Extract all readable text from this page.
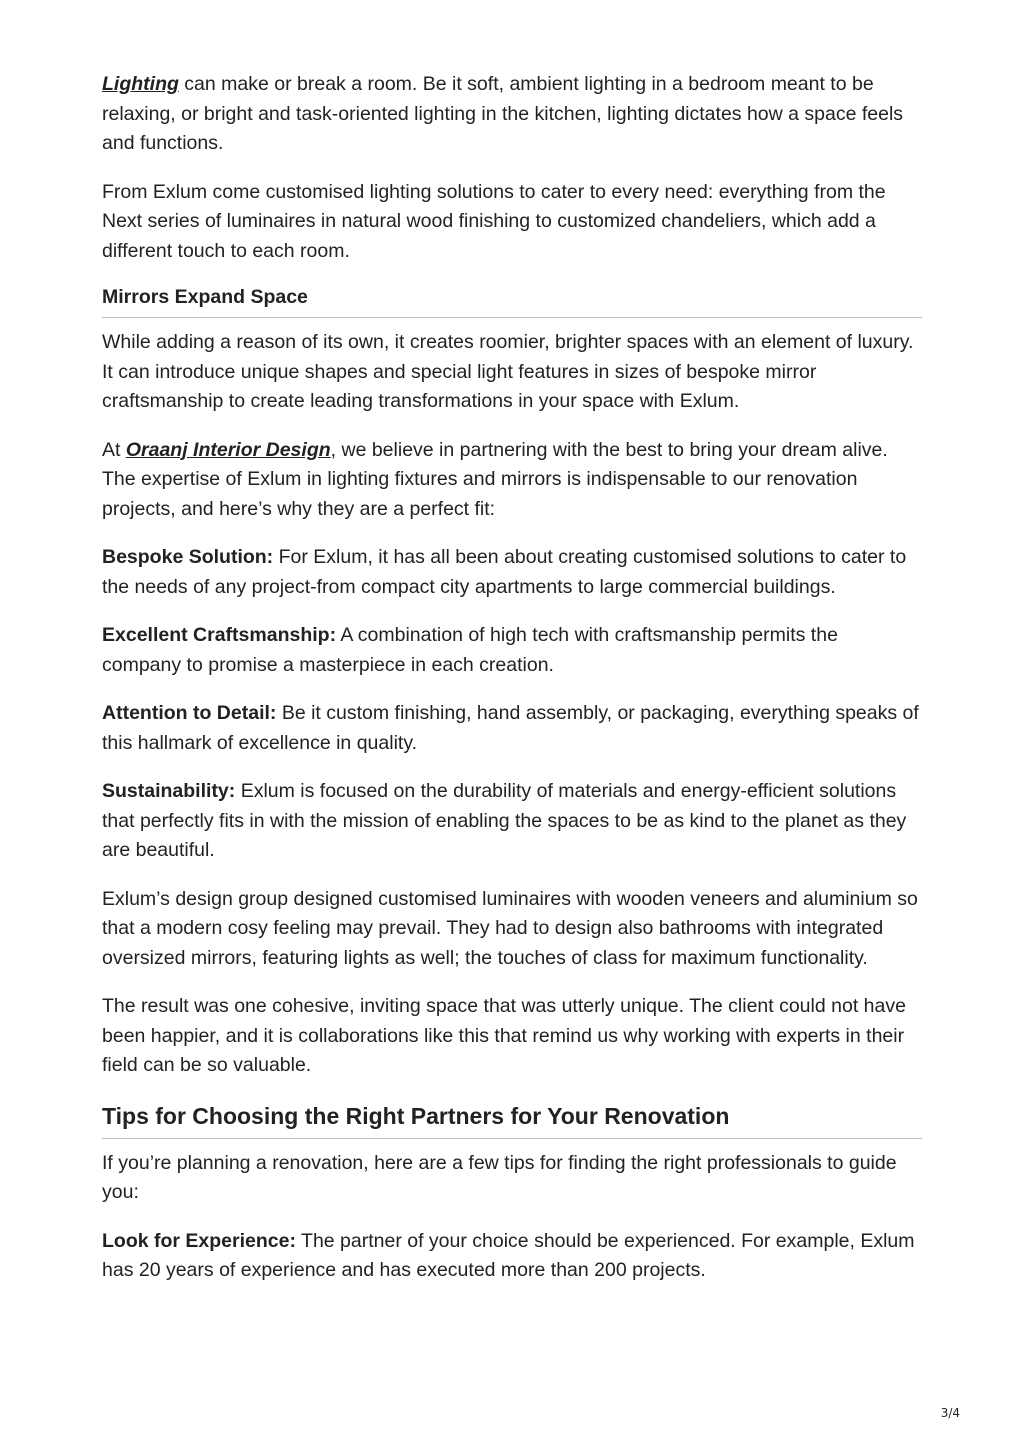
Lighting can make or break a room. Be it soft, ambient lighting in a bedroom meant to be relaxing, or bright and task-oriented lighting in the kitchen, lighting dictates how a space feels and functions.

From Exlum come customised lighting solutions to cater to every need: everything from the Next series of luminaires in natural wood finishing to customized chandeliers, which add a different touch to each room.

Mirrors Expand Space

While adding a reason of its own, it creates roomier, brighter spaces with an element of luxury. It can introduce unique shapes and special light features in sizes of bespoke mirror craftsmanship to create leading transformations in your space with Exlum.

At Oraanj Interior Design, we believe in partnering with the best to bring your dream alive. The expertise of Exlum in lighting fixtures and mirrors is indispensable to our renovation projects, and here’s why they are a perfect fit:

Bespoke Solution: For Exlum, it has all been about creating customised solutions to cater to the needs of any project-from compact city apartments to large commercial buildings.

Excellent Craftsmanship: A combination of high tech with craftsmanship permits the company to promise a masterpiece in each creation.

Attention to Detail: Be it custom finishing, hand assembly, or packaging, everything speaks of this hallmark of excellence in quality.

Sustainability: Exlum is focused on the durability of materials and energy-efficient solutions that perfectly fits in with the mission of enabling the spaces to be as kind to the planet as they are beautiful.

Exlum’s design group designed customised luminaires with wooden veneers and aluminium so that a modern cosy feeling may prevail. They had to design also bathrooms with integrated oversized mirrors, featuring lights as well; the touches of class for maximum functionality.

The result was one cohesive, inviting space that was utterly unique. The client could not have been happier, and it is collaborations like this that remind us why working with experts in their field can be so valuable.

Tips for Choosing the Right Partners for Your Renovation

If you’re planning a renovation, here are a few tips for finding the right professionals to guide you:

Look for Experience: The partner of your choice should be experienced. For example, Exlum has 20 years of experience and has executed more than 200 projects.

3/4
